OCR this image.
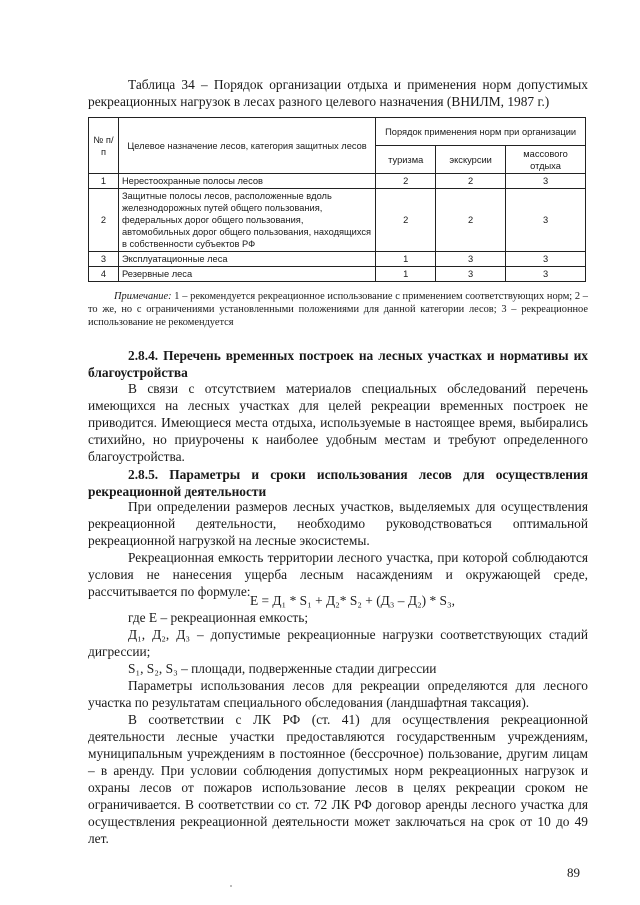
Таблица 34 – Порядок организации отдыха и применения норм допустимых рекреационных нагрузок в лесах разного целевого назначения (ВНИЛМ, 1987 г.)
№ п/п	Целевое назначение лесов, категория защитных лесов	Порядок применения норм при организации		
		туризма	экскурсии	массового отдыха
1	Нерестоохранные полосы лесов	2	2	3
2	Защитные полосы лесов, расположенные вдоль железнодорожных путей общего пользования, федеральных дорог общего пользования, автомобильных дорог общего пользования, находящихся в собственности субъектов РФ	2	2	3
3	Эксплуатационные леса	1	3	3
4	Резервные леса	1	3	3
Примечание: 1 – рекомендуется рекреационное использование с применением соответствующих норм; 2 – то же, но с ограничениями установленными положениями для данной категории лесов; 3 – рекреационное использование не рекомендуется
2.8.4. Перечень временных построек на лесных участках и нормативы их благоустройства
В связи с отсутствием материалов специальных обследований перечень имеющихся на лесных участках для целей рекреации временных построек не приводится. Имеющиеся места отдыха, используемые в настоящее время, выбирались стихийно, но приурочены к наиболее удобным местам и требуют определенного благоустройства.
2.8.5. Параметры и сроки использования лесов для осуществления рекреационной деятельности
При определении размеров лесных участков, выделяемых для осуществления рекреационной деятельности, необходимо руководствоваться оптимальной рекреационной нагрузкой на лесные экосистемы.
Рекреационная емкость территории лесного участка, при которой соблюдаются условия не нанесения ущерба лесным насаждениям и окружающей среде, рассчитывается по формуле:
E = Д₁ * S₁ + Д₂* S₂ + (Д₃ – Д₂) * S₃,
где E – рекреационная емкость;
Д₁, Д₂, Д₃ – допустимые рекреационные нагрузки соответствующих стадий дигрессии;
S₁, S₂, S₃ – площади, подверженные стадии дигрессии
Параметры использования лесов для рекреации определяются для лесного участка по результатам специального обследования (ландшафтная таксация).
В соответствии с ЛК РФ (ст. 41) для осуществления рекреационной деятельности лесные участки предоставляются государственным учреждениям, муниципальным учреждениям в постоянное (бессрочное) пользование, другим лицам – в аренду. При условии соблюдения допустимых норм рекреационных нагрузок и охраны лесов от пожаров использование лесов в целях рекреации сроком не ограничивается. В соответствии со ст. 72 ЛК РФ договор аренды лесного участка для осуществления рекреационной деятельности может заключаться на срок от 10 до 49 лет.
89
